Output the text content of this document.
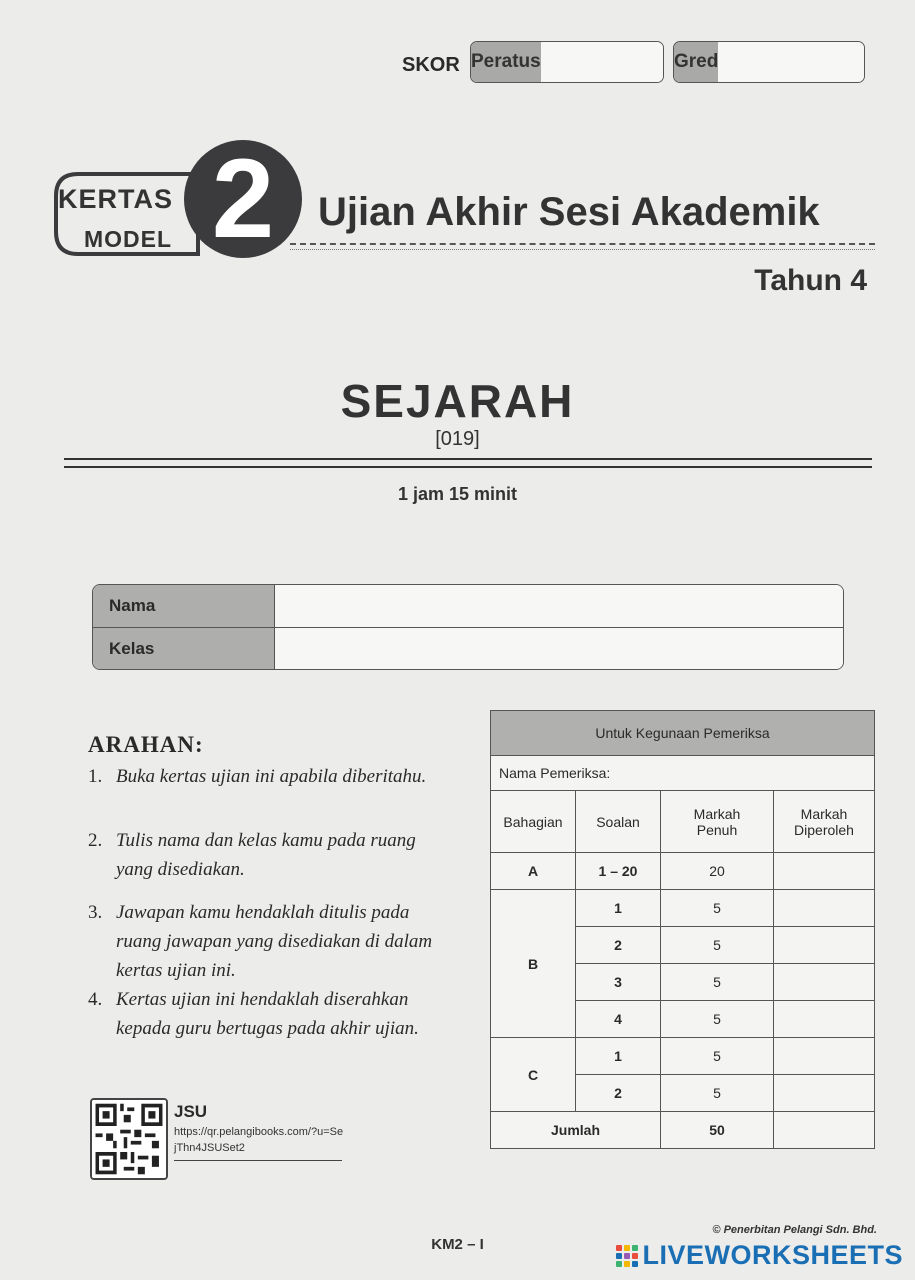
SKOR Peratus	Gred
KERTAS
MODEL 2	Ujian Akhir Sesi Akademik
Tahun 4
SEJARAH
[019]
1 jam 15 minit
Nama
Kelas
ARAHAN:
1. Buka kertas ujian ini apabila diberitahu.
2. Tulis nama dan kelas kamu pada ruang yang disediakan.
3. Jawapan kamu hendaklah ditulis pada ruang jawapan yang disediakan di dalam kertas ujian ini.
4. Kertas ujian ini hendaklah diserahkan kepada guru bertugas pada akhir ujian.
JSU
https://qr.pelangibooks.com/?u=SejThn4JSUSet2
Untuk Kegunaan Pemeriksa			
Nama Pemeriksa:			
Bahagian	Soalan	Markah Penuh	Markah Diperoleh
A	1 – 20	20	
B	1	5	
	2	5	
	3	5	
	4	5	
C	1	5	
	2	5	
Jumlah		50	
© Penerbitan Pelangi Sdn. Bhd.
KM2 – I	LIVEWORKSHEETS
